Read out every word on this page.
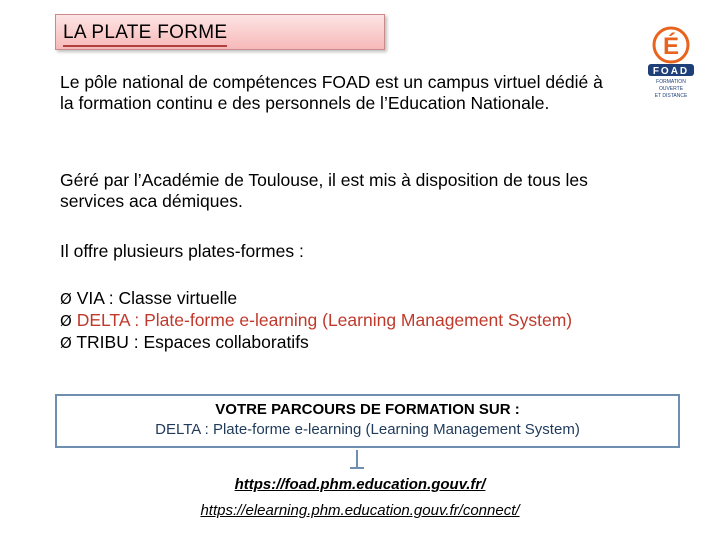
LA PLATE FORME
É
FOAD
FORMATION
OUVERTE
ET DISTANCE
Le pôle national de compétences FOAD est un campus virtuel dédié à la formation continu e des personnels de l’Education Nationale.
Géré par l’Académie de Toulouse, il est mis à disposition de tous les services aca démiques.
Il offre plusieurs plates-formes :
Ø VIA : Classe virtuelle
Ø DELTA : Plate-forme e-learning (Learning Management System)
Ø TRIBU : Espaces collaboratifs
VOTRE PARCOURS DE FORMATION SUR :
DELTA : Plate-forme e-learning (Learning Management System)
https://foad.phm.education.gouv.fr/
https://elearning.phm.education.gouv.fr/connect/
